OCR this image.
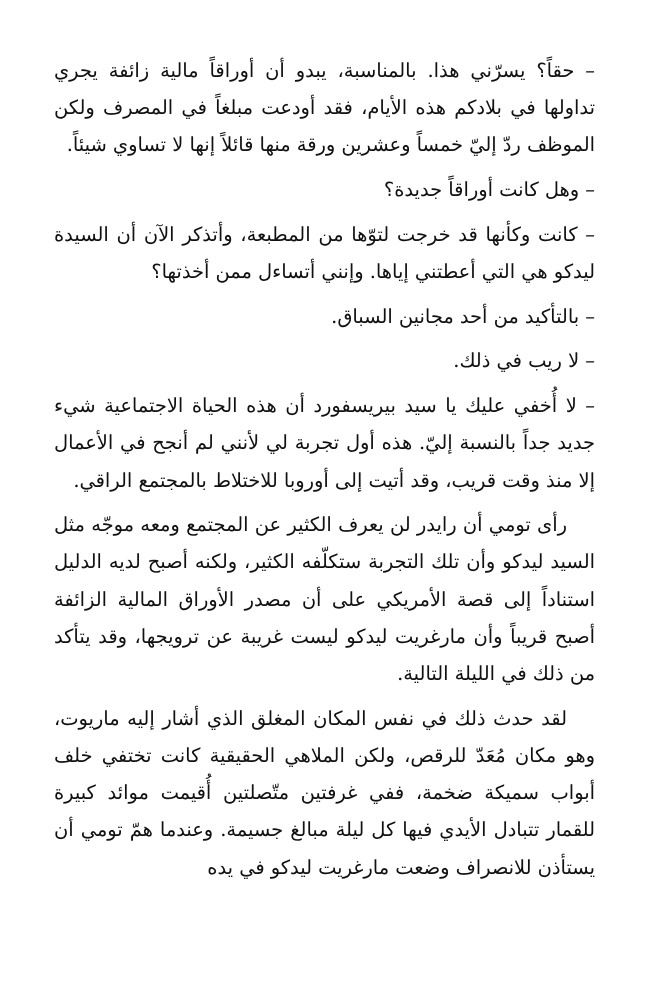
– حقاً؟ يسرّني هذا. بالمناسبة، يبدو أن أوراقاً مالية زائفة يجري تداولها في بلادكم هذه الأيام، فقد أودعت مبلغاً في المصرف ولكن الموظف ردّ إليّ خمساً وعشرين ورقة منها قائلاً إنها لا تساوي شيئاً.

– وهل كانت أوراقاً جديدة؟

– كانت وكأنها قد خرجت لتوّها من المطبعة، وأتذكر الآن أن السيدة ليدكو هي التي أعطتني إياها. وإنني أتساءل ممن أخذتها؟

– بالتأكيد من أحد مجانين السباق.

– لا ريب في ذلك.

– لا أُخفي عليك يا سيد بيريسفورد أن هذه الحياة الاجتماعية شيء جديد جداً بالنسبة إليّ. هذه أول تجربة لي لأنني لم أنجح في الأعمال إلا منذ وقت قريب، وقد أتيت إلى أوروبا للاختلاط بالمجتمع الراقي.

رأى تومي أن رايدر لن يعرف الكثير عن المجتمع ومعه موجّه مثل السيد ليدكو وأن تلك التجربة ستكلّفه الكثير، ولكنه أصبح لديه الدليل استناداً إلى قصة الأمريكي على أن مصدر الأوراق المالية الزائفة أصبح قريباً وأن مارغريت ليدكو ليست غريبة عن ترويجها، وقد يتأكد من ذلك في الليلة التالية.

لقد حدث ذلك في نفس المكان المغلق الذي أشار إليه ماريوت، وهو مكان مُعَدّ للرقص، ولكن الملاهي الحقيقية كانت تختفي خلف أبواب سميكة ضخمة، ففي غرفتين متّصلتين أُقيمت موائد كبيرة للقمار تتبادل الأيدي فيها كل ليلة مبالغ جسيمة. وعندما همّ تومي أن يستأذن للانصراف وضعت مارغريت ليدكو في يده
